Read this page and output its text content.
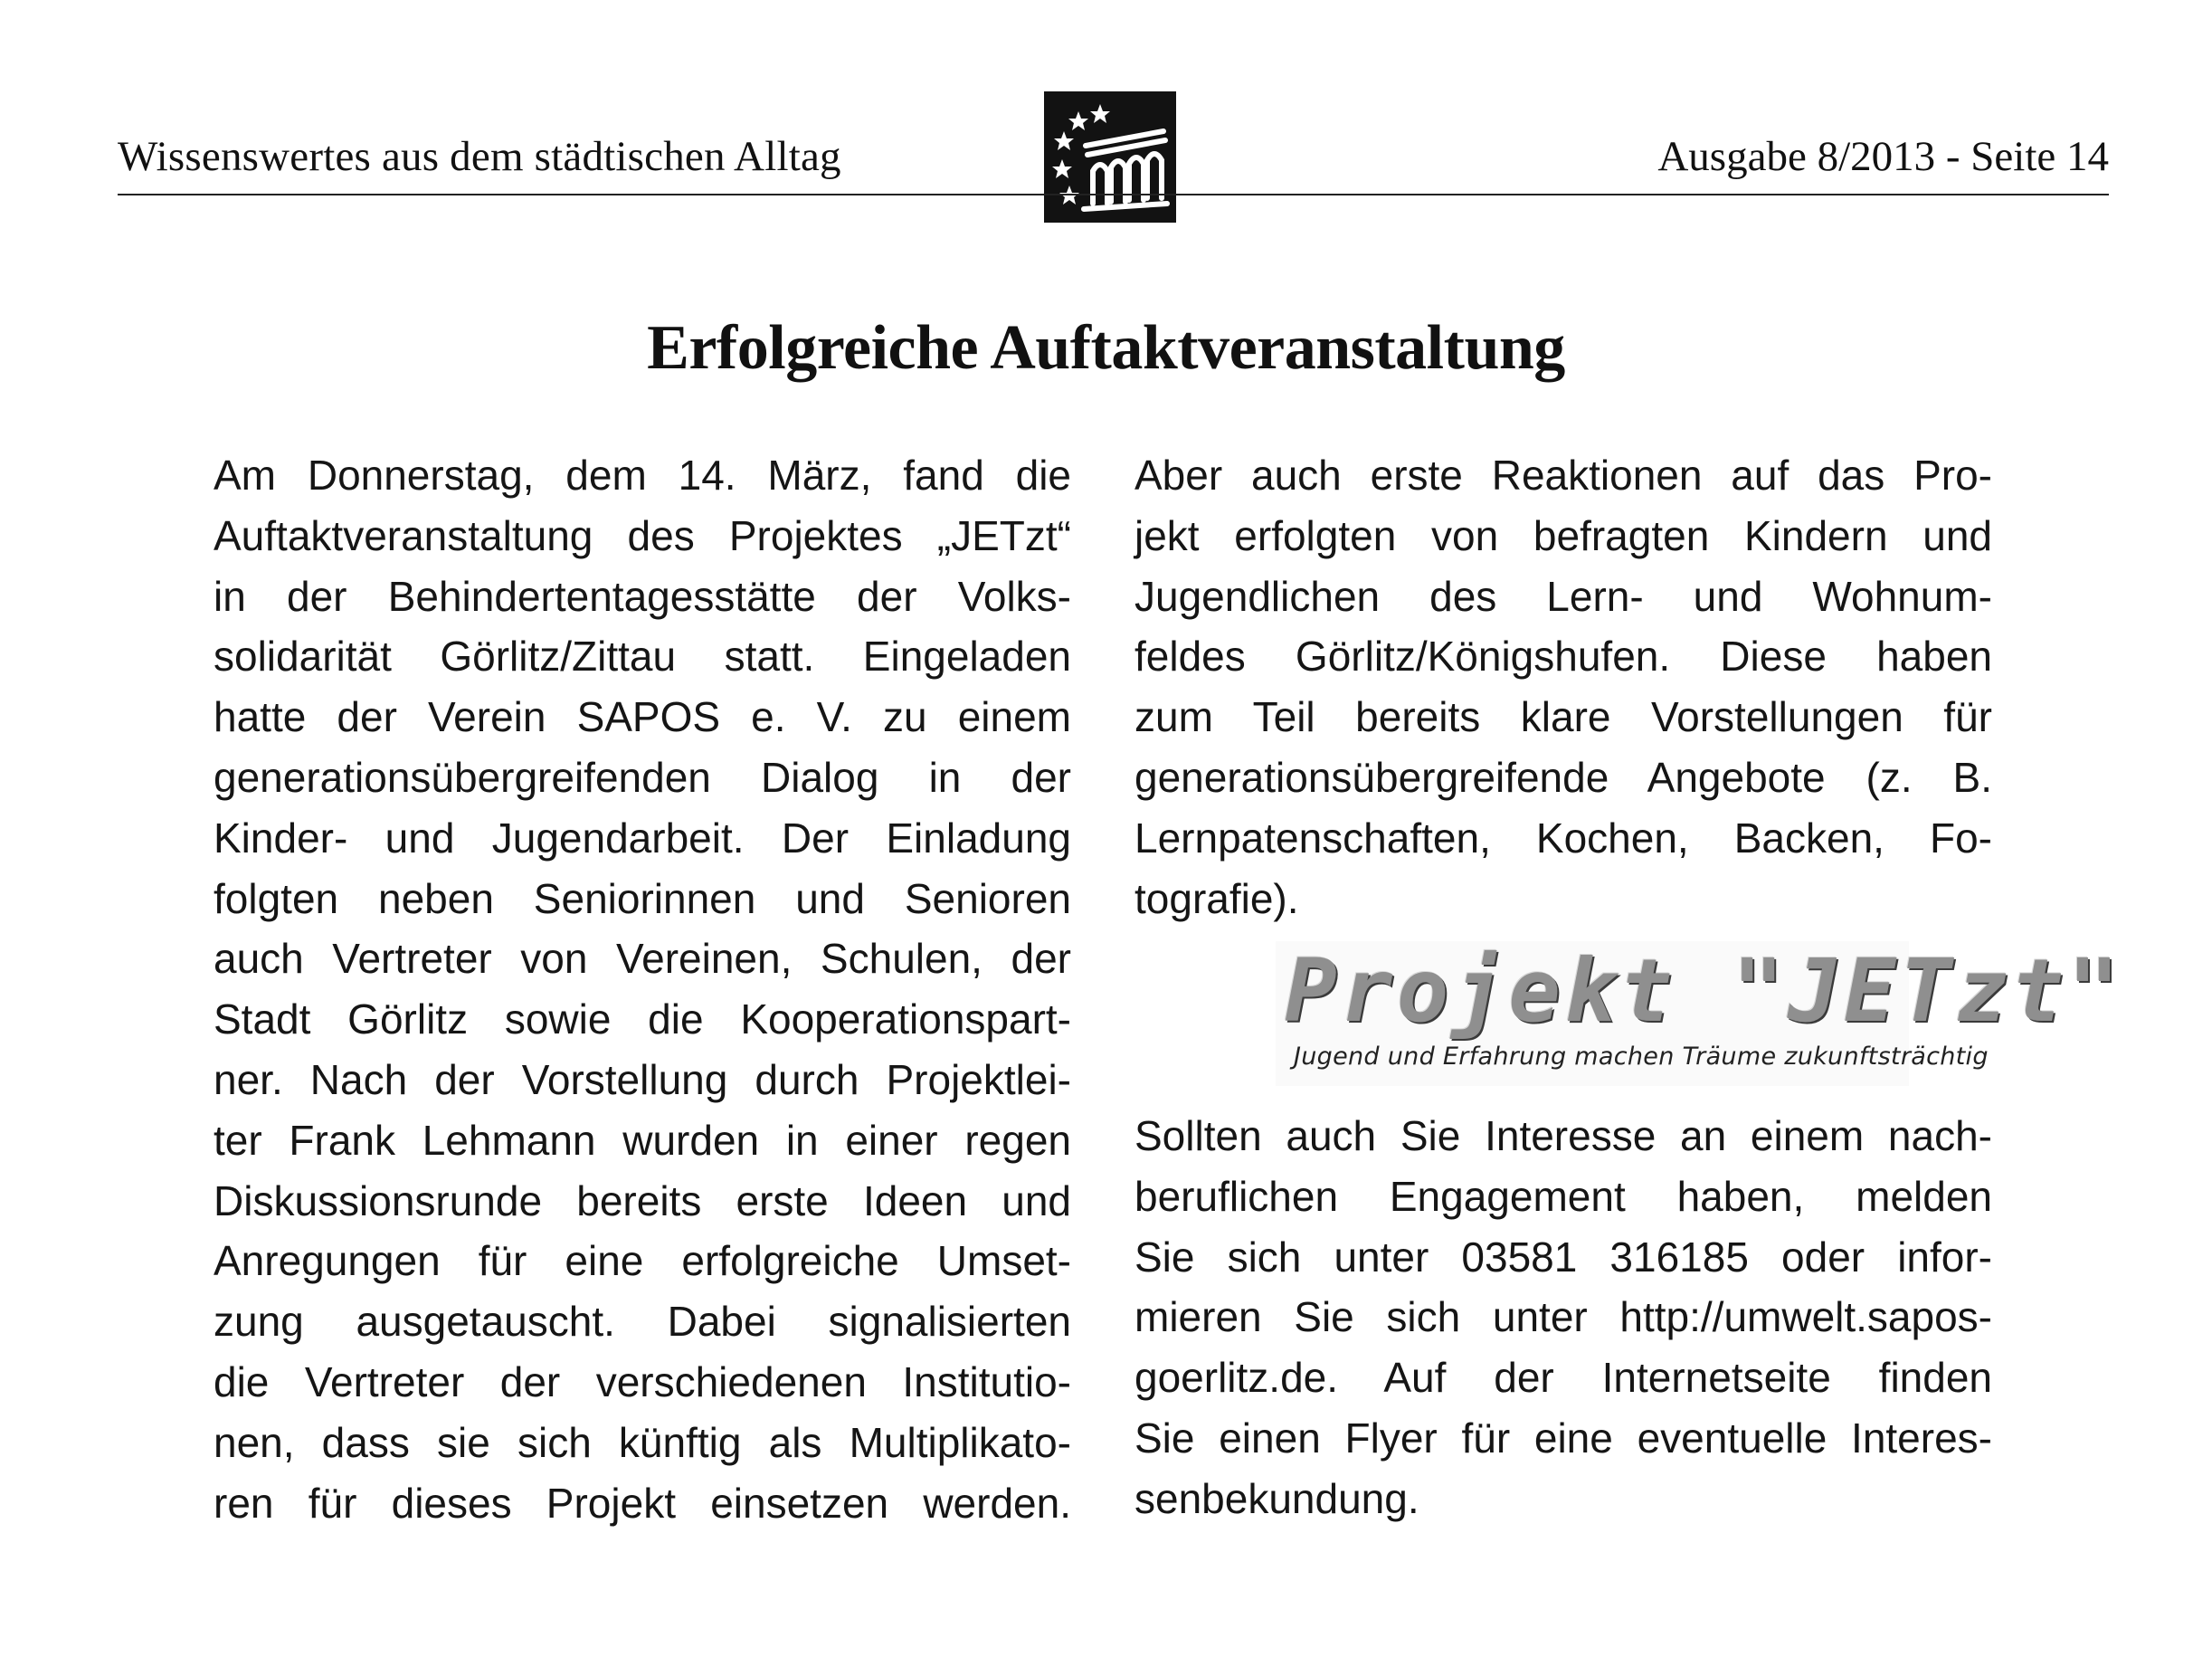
Wissenswertes aus dem städtischen Alltag	Ausgabe 8/2013 - Seite 14
Erfolgreiche Auftaktveranstaltung
Am Donnerstag, dem 14. März, fand die
Auftaktveranstaltung des Projektes „JETzt“
in der Behindertentagesstätte der Volks-
solidarität Görlitz/Zittau statt. Eingeladen
hatte der Verein SAPOS e. V. zu einem
generationsübergreifenden Dialog in der
Kinder- und Jugendarbeit. Der Einladung
folgten neben Seniorinnen und Senioren
auch Vertreter von Vereinen, Schulen, der
Stadt Görlitz sowie die Kooperationspart-
ner. Nach der Vorstellung durch Projektlei-
ter Frank Lehmann wurden in einer regen
Diskussionsrunde bereits erste Ideen und
Anregungen für eine erfolgreiche Umset-
zung ausgetauscht. Dabei signalisierten
die Vertreter der verschiedenen Institutio-
nen, dass sie sich künftig als Multiplikato-
ren für dieses Projekt einsetzen werden.
Aber auch erste Reaktionen auf das Pro-
jekt erfolgten von befragten Kindern und
Jugendlichen des Lern- und Wohnum-
feldes Görlitz/Königshufen. Diese haben
zum Teil bereits klare Vorstellungen für
generationsübergreifende Angebote (z. B.
Lernpatenschaften, Kochen, Backen, Fo-
tografie).
Projekt "JETzt"
Jugend und Erfahrung machen Träume zukunftsträchtig
Sollten auch Sie Interesse an einem nach-
beruflichen Engagement haben, melden
Sie sich unter 03581 316185 oder infor-
mieren Sie sich unter http://umwelt.sapos-
goerlitz.de. Auf der Internetseite finden
Sie einen Flyer für eine eventuelle Interes-
senbekundung.
